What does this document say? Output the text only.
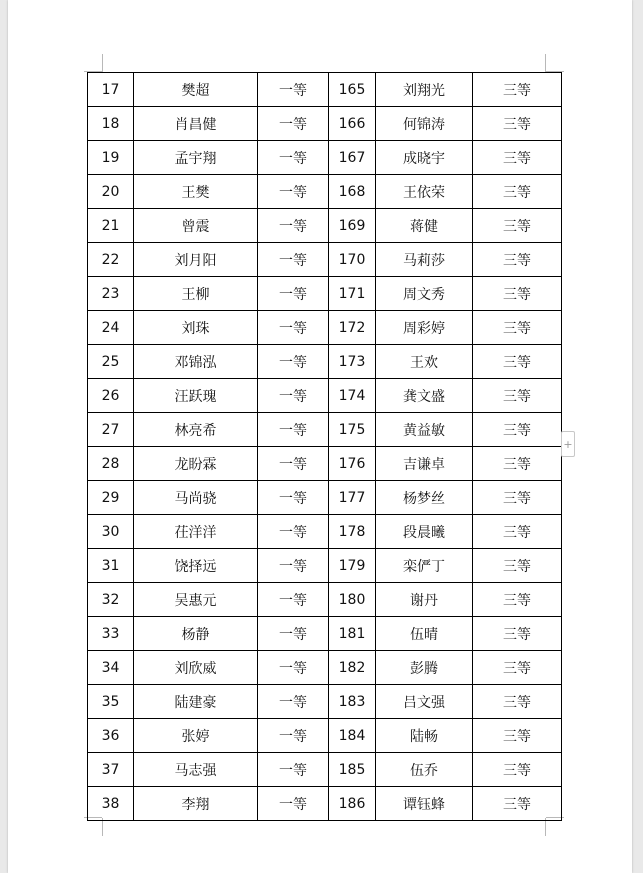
17	樊超	一等	165	刘翔光	三等
18	肖昌健	一等	166	何锦涛	三等
19	孟宇翔	一等	167	成晓宇	三等
20	王樊	一等	168	王依荣	三等
21	曾震	一等	169	蒋健	三等
22	刘月阳	一等	170	马莉莎	三等
23	王柳	一等	171	周文秀	三等
24	刘珠	一等	172	周彩婷	三等
25	邓锦泓	一等	173	王欢	三等
26	汪跃瑰	一等	174	龚文盛	三等
27	林亮希	一等	175	黄益敏	三等
28	龙盼霖	一等	176	吉谦卓	三等
29	马尚骁	一等	177	杨梦丝	三等
30	茌洋洋	一等	178	段晨曦	三等
31	饶择远	一等	179	栾俨丁	三等
32	吴惠元	一等	180	谢丹	三等
33	杨静	一等	181	伍晴	三等
34	刘欣威	一等	182	彭腾	三等
35	陆建豪	一等	183	吕文强	三等
36	张婷	一等	184	陆畅	三等
37	马志强	一等	185	伍乔	三等
38	李翔	一等	186	谭钰蜂	三等
+
